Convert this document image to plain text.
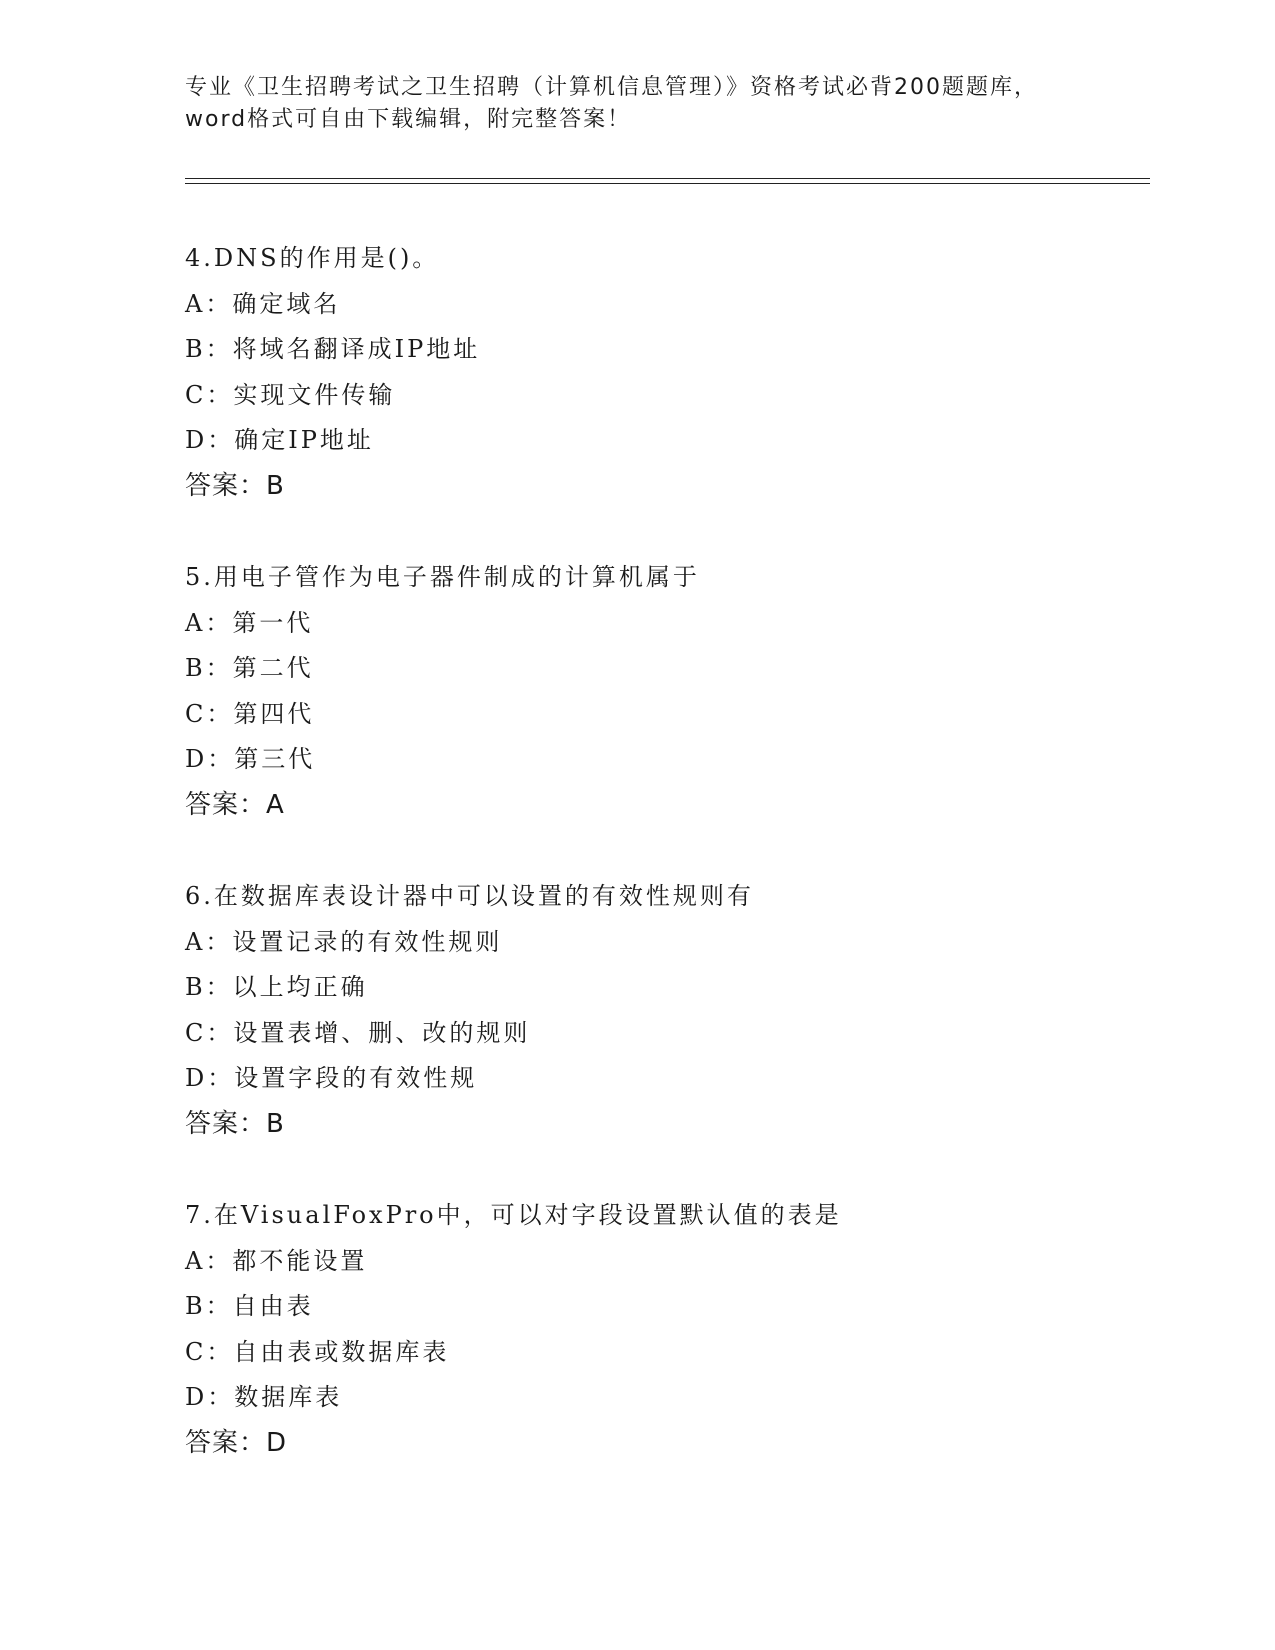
专业《卫生招聘考试之卫生招聘（计算机信息管理）》资格考试必背200题题库，
word格式可自由下载编辑，附完整答案！
4.DNS的作用是()。
A：确定域名
B：将域名翻译成IP地址
C：实现文件传输
D：确定IP地址
答案：B
5.用电子管作为电子器件制成的计算机属于
A：第一代
B：第二代
C：第四代
D：第三代
答案：A
6.在数据库表设计器中可以设置的有效性规则有
A：设置记录的有效性规则
B：以上均正确
C：设置表增、删、改的规则
D：设置字段的有效性规
答案：B
7.在VisualFoxPro中，可以对字段设置默认值的表是
A：都不能设置
B：自由表
C：自由表或数据库表
D：数据库表
答案：D
